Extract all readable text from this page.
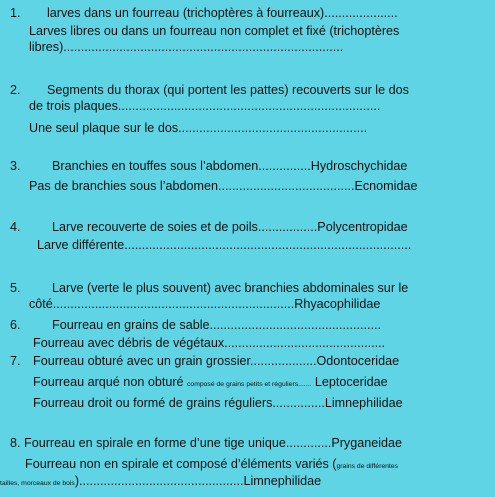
1. larves dans un fourreau (trichoptères à fourreaux).....................
Larves libres ou dans un fourreau non complet et fixé (trichoptères
libres)................................................................................
2. Segments du thorax (qui portent les pattes) recouverts sur le dos
de trois plaques...........................................................................
Une seul plaque sur le dos......................................................
3. Branchies en touffes sous l’abdomen...............Hydroschychidae
Pas de branchies sous l’abdomen.......................................Ecnomidae
4. Larve recouverte de soies et de poils.................Polycentropidae
Larve différente..................................................................................
5. Larve (verte le plus souvent) avec branchies abdominales sur le
côté.....................................................................Rhyacophilidae
6. Fourreau en grains de sable.................................................
Fourreau avec débris de végétaux..............................................
7. Fourreau obturé avec un grain grossier...................Odontoceridae
Fourreau arqué non obturé composé de grains petits et réguliers....... Leptoceridae
Fourreau droit ou formé de grains réguliers...............Limnephilidae
8. Fourreau en spirale en forme d’une tige unique.............Pryganeidae
Fourreau non en spirale et composé d’éléments variés (grains de différentes
tailles, morceaux de bois)...............................................Limnephilidae
